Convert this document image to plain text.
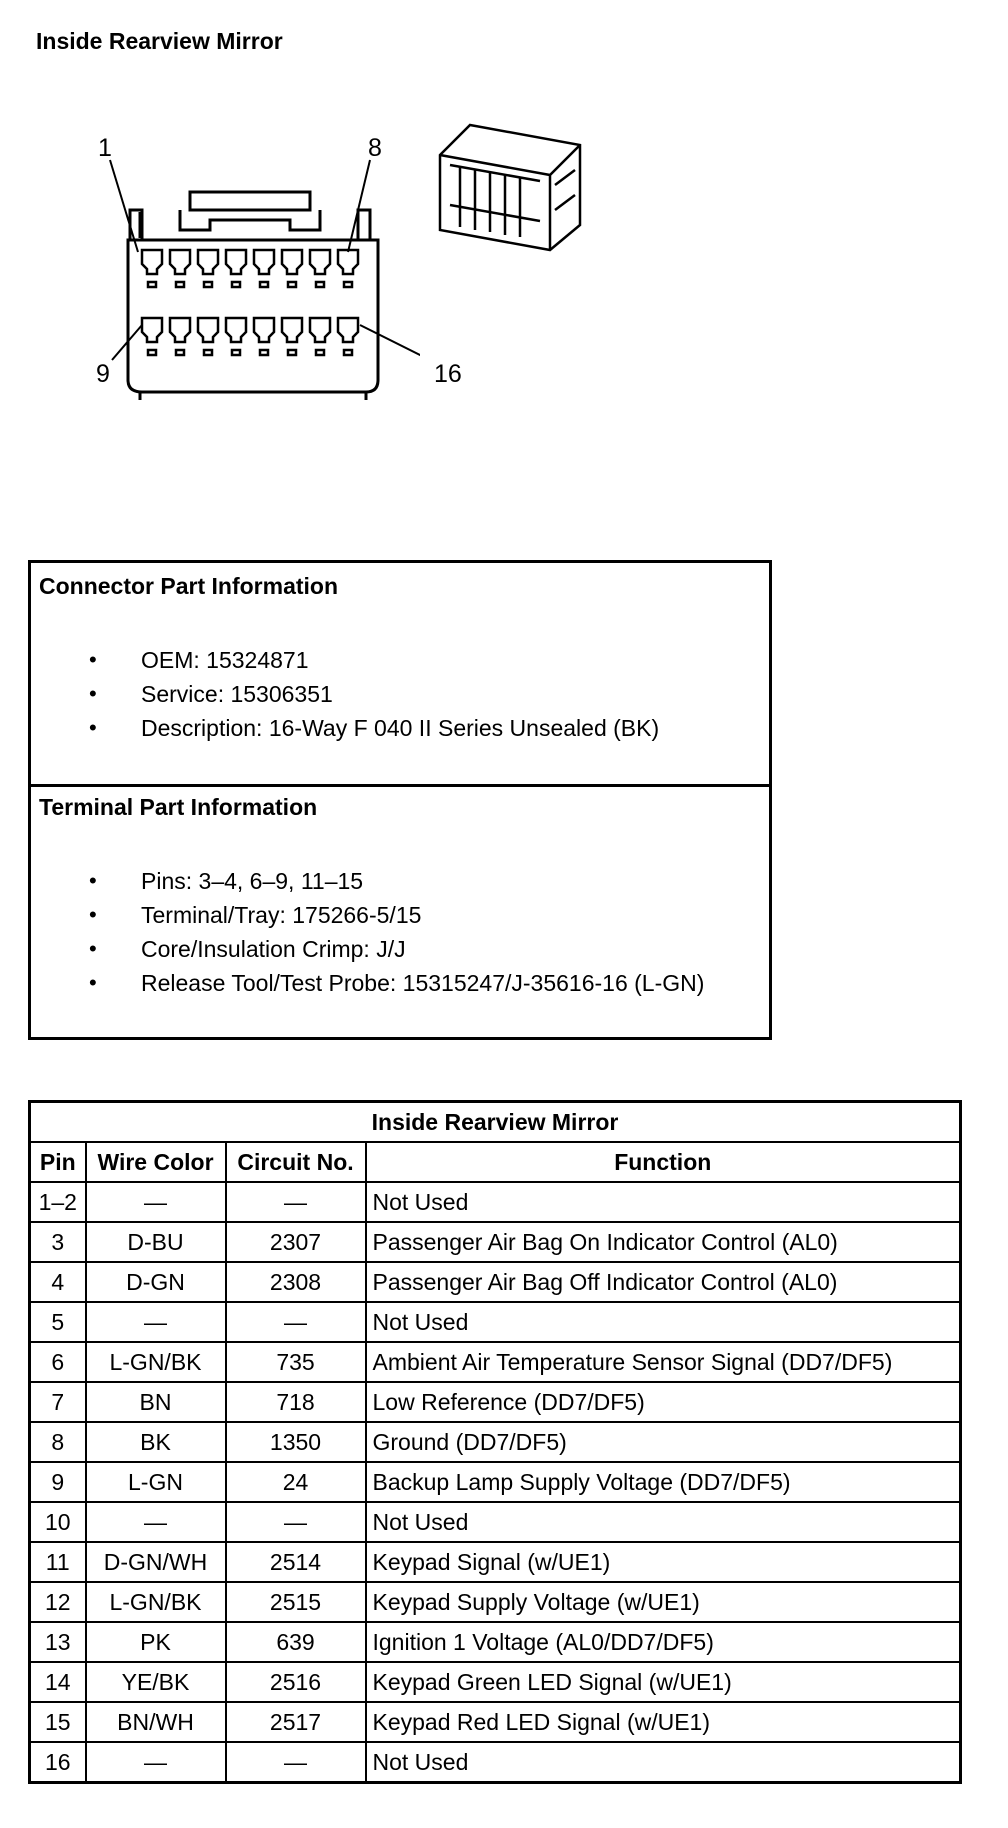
Inside Rearview Mirror
1	8
9	16
Connector Part Information
• OEM: 15324871
• Service: 15306351
• Description: 16-Way F 040 II Series Unsealed (BK)
Terminal Part Information
• Pins: 3–4, 6–9, 11–15
• Terminal/Tray: 175266-5/15
• Core/Insulation Crimp: J/J
• Release Tool/Test Probe: 15315247/J-35616-16 (L-GN)
Inside Rearview Mirror			
Pin	Wire Color	Circuit No.	Function
1–2	—	—	Not Used
3	D-BU	2307	Passenger Air Bag On Indicator Control (AL0)
4	D-GN	2308	Passenger Air Bag Off Indicator Control (AL0)
5	—	—	Not Used
6	L-GN/BK	735	Ambient Air Temperature Sensor Signal (DD7/DF5)
7	BN	718	Low Reference (DD7/DF5)
8	BK	1350	Ground (DD7/DF5)
9	L-GN	24	Backup Lamp Supply Voltage (DD7/DF5)
10	—	—	Not Used
11	D-GN/WH	2514	Keypad Signal (w/UE1)
12	L-GN/BK	2515	Keypad Supply Voltage (w/UE1)
13	PK	639	Ignition 1 Voltage (AL0/DD7/DF5)
14	YE/BK	2516	Keypad Green LED Signal (w/UE1)
15	BN/WH	2517	Keypad Red LED Signal (w/UE1)
16	—	—	Not Used
